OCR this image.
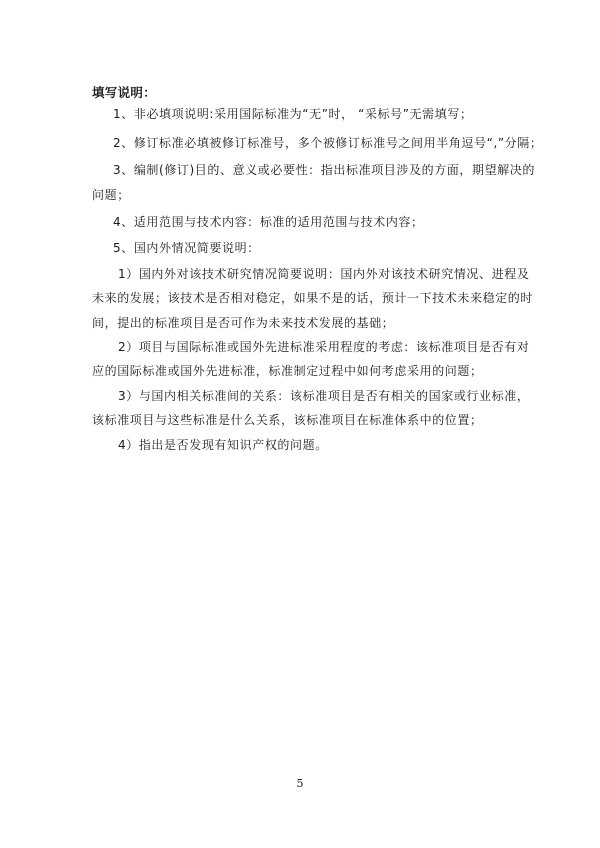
填写说明：
1、非必填项说明:采用国际标准为“无”时， “采标号”无需填写；
2、修订标准必填被修订标准号，多个被修订标准号之间用半角逗号“,”分隔；
3、编制(修订)目的、意义或必要性：指出标准项目涉及的方面，期望解决的
问题；
4、适用范围与技术内容：标准的适用范围与技术内容；
5、国内外情况简要说明：
1）国内外对该技术研究情况简要说明：国内外对该技术研究情况、进程及
未来的发展；该技术是否相对稳定，如果不是的话，预计一下技术未来稳定的时
间，提出的标准项目是否可作为未来技术发展的基础；
2）项目与国际标准或国外先进标准采用程度的考虑：该标准项目是否有对
应的国际标准或国外先进标准，标准制定过程中如何考虑采用的问题；
3）与国内相关标准间的关系：该标准项目是否有相关的国家或行业标准，
该标准项目与这些标准是什么关系，该标准项目在标准体系中的位置；
4）指出是否发现有知识产权的问题。
5
